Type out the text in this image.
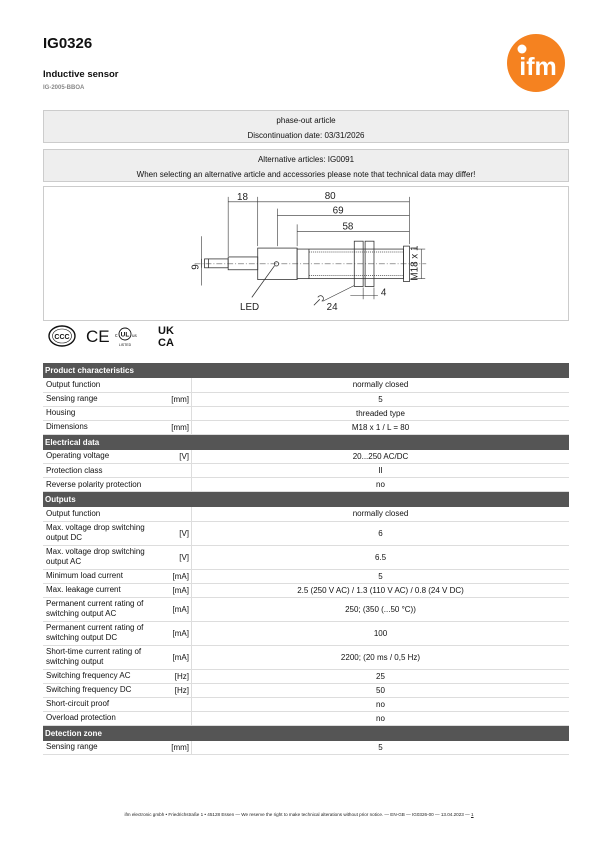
IG0326
Inductive sensor
IG-2005-BBOA
ifm
phase-out article
Discontinuation date: 03/31/2026
Alternative articles: IG0091
When selecting an alternative article and accessories please note that technical data may differ!
18	80
69
58
9	M18 x 1
4
24
LED
CCC CE c UL us
LISTED
UK
CA
Product characteristics		
Output function		normally closed
Sensing range	[mm]	5
Housing		threaded type
Dimensions	[mm]	M18 x 1 / L = 80
Electrical data		
Operating voltage	[V]	20...250 AC/DC
Protection class		II
Reverse polarity protection		no
Outputs		
Output function		normally closed
Max. voltage drop switching output DC	[V]	6
Max. voltage drop switching output AC	[V]	6.5
Minimum load current	[mA]	5
Max. leakage current	[mA]	2.5 (250 V AC) / 1.3 (110 V AC) / 0.8 (24 V DC)
Permanent current rating of switching output AC	[mA]	250; (350 (...50 °C))
Permanent current rating of switching output DC	[mA]	100
Short-time current rating of switching output	[mA]	2200; (20 ms / 0,5 Hz)
Switching frequency AC	[Hz]	25
Switching frequency DC	[Hz]	50
Short-circuit proof		no
Overload protection		no
Detection zone		
Sensing range	[mm]	5
ifm electronic gmbh • Friedrichstraße 1 • 45128 Essen — We reserve the right to make technical alterations without prior notice. — EN-GB — IG0326-00 — 13.04.2023 — 1
